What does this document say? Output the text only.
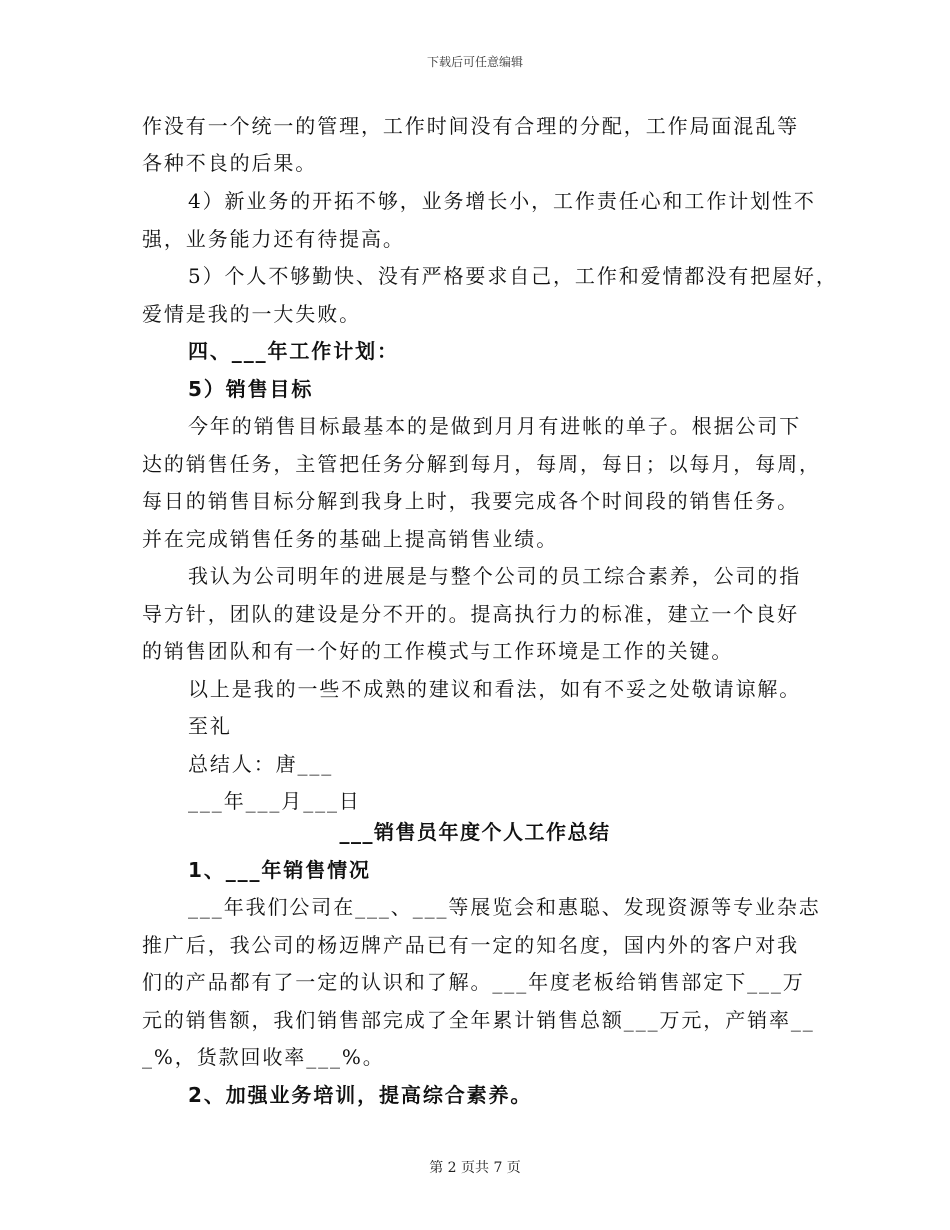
下载后可任意编辑
作没有一个统一的管理，工作时间没有合理的分配，工作局面混乱等
各种不良的后果。
4）新业务的开拓不够，业务增长小，工作责任心和工作计划性不
强，业务能力还有待提高。
5）个人不够勤快、没有严格要求自己，工作和爱情都没有把屋好，
爱情是我的一大失败。
四、___年工作计划：
5）销售目标
今年的销售目标最基本的是做到月月有进帐的单子。根据公司下
达的销售任务，主管把任务分解到每月，每周，每日；以每月，每周，
每日的销售目标分解到我身上时，我要完成各个时间段的销售任务。
并在完成销售任务的基础上提高销售业绩。
我认为公司明年的进展是与整个公司的员工综合素养，公司的指
导方针，团队的建设是分不开的。提高执行力的标准，建立一个良好
的销售团队和有一个好的工作模式与工作环境是工作的关键。
以上是我的一些不成熟的建议和看法，如有不妥之处敬请谅解。
至礼
总结人：唐___
___年___月___日
___销售员年度个人工作总结
1、___年销售情况
___年我们公司在___、___等展览会和惠聪、发现资源等专业杂志
推广后，我公司的杨迈牌产品已有一定的知名度，国内外的客户对我
们的产品都有了一定的认识和了解。___年度老板给销售部定下___万
元的销售额，我们销售部完成了全年累计销售总额___万元，产销率__
_%，货款回收率___%。
2、加强业务培训，提高综合素养。
第 2 页共 7 页
